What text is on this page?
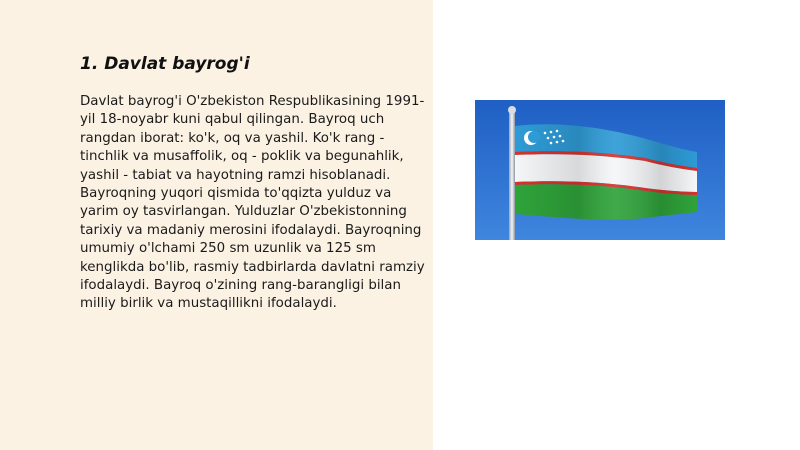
1. Davlat bayrog'i

Davlat bayrog'i O'zbekiston Respublikasining 1991-yil 18-noyabr kuni qabul qilingan. Bayroq uch rangdan iborat: ko'k, oq va yashil. Ko'k rang - tinchlik va musaffolik, oq - poklik va begunahlik, yashil - tabiat va hayotning ramzi hisoblanadi. Bayroqning yuqori qismida to'qqizta yulduz va yarim oy tasvirlangan. Yulduzlar O'zbekistonning tarixiy va madaniy merosini ifodalaydi. Bayroqning umumiy o'lchami 250 sm uzunlik va 125 sm kenglikda bo'lib, rasmiy tadbirlarda davlatni ramziy ifodalaydi. Bayroq o'zining rang-barangligi bilan milliy birlik va mustaqillikni ifodalaydi.
